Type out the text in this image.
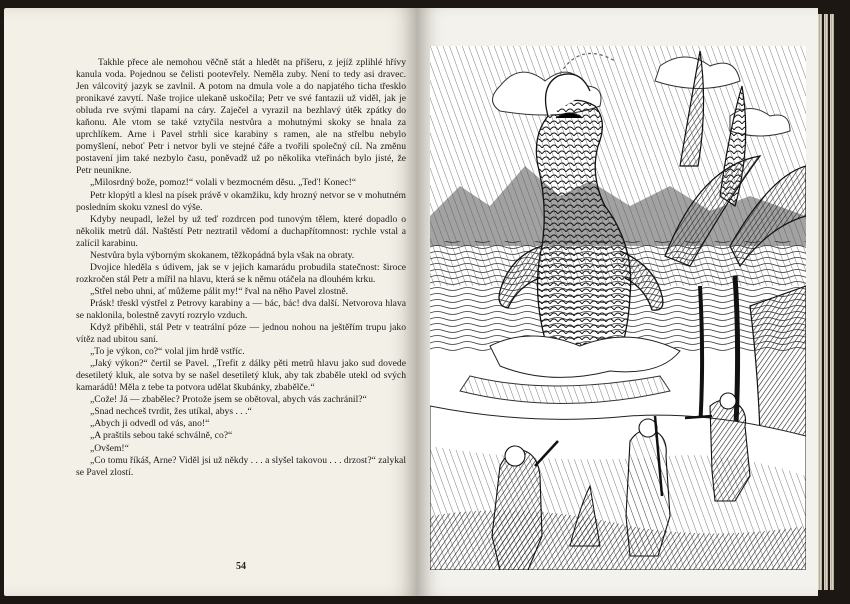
Takhle přece ale nemohou věčně stát a hledět na příšeru, z jejíž zplihlé hřívy kanula voda. Pojednou se čelisti pootevřely. Neměla zuby. Není to tedy asi dravec. Jen válcovitý jazyk se zavlnil. A potom na dmula vole a do napjatého ticha třesklo pronikavé zavytí. Naše trojice ulekaně uskočila; Petr ve své fantazii už viděl, jak je obluda rve svými tlapami na cáry. Zaječel a vyrazil na bezhlavý útěk zpátky do kaňonu. Ale vtom se také vztyčila nestvůra a mohutnými skoky se hnala za uprchlíkem. Arne i Pavel strhli sice karabiny s ramen, ale na střelbu nebylo pomyšlení, neboť Petr i netvor byli ve stejné čáře a tvořili společný cíl. Na změnu postavení jim také nezbylo času, poněvadž už po několika vteřinách bylo jisté, že Petr neunikne.

„Milosrdný bože, pomoz!“ volali v bezmocném děsu. „Teď! Konec!“

Petr klopýtl a klesl na písek právě v okamžiku, kdy hrozný netvor se v mohutném posledním skoku vznesl do výše.

Kdyby neupadl, ležel by už teď rozdrcen pod tunovým tělem, které dopadlo o několik metrů dál. Naštěstí Petr neztratil vědomí a duchapřítomnost: rychle vstal a zalícil karabinu.

Nestvůra byla výborným skokanem, těžkopádná byla však na obraty.

Dvojice hleděla s údivem, jak se v jejich kamarádu probudila statečnost: široce rozkročen stál Petr a mířil na hlavu, která se k němu otáčela na dlouhém krku.

„Střel nebo uhni, ať můžeme pálit my!“ řval na něho Pavel zlostně.

Prásk! třeskl výstřel z Petrovy karabiny a — bác, bác! dva další. Netvorova hlava se naklonila, bolestně zavytí rozrylo vzduch.

Když přiběhli, stál Petr v teatrální póze — jednou nohou na ještěřím trupu jako vítěz nad ubitou saní.

„To je výkon, co?“ volal jim hrdě vstříc.

„Jaký výkon?“ čertil se Pavel. „Trefit z dálky pěti metrů hlavu jako sud dovede desetiletý kluk, ale sotva by se našel desetiletý kluk, aby tak zbaběle utekl od svých kamarádů! Měla z tebe ta potvora udělat škubánky, zbabělče.“

„Cože! Já — zbabělec? Protože jsem se obětoval, abych vás zachránil?“

„Snad nechceš tvrdit, žes utíkal, abys . . .“

„Abych ji odvedl od vás, ano!“

„A praštils sebou také schválně, co?“

„Ovšem!“

„Co tomu říkáš, Arne? Viděl jsi už někdy . . . a slyšel takovou . . . drzost?“ zalykal se Pavel zlostí.

54
